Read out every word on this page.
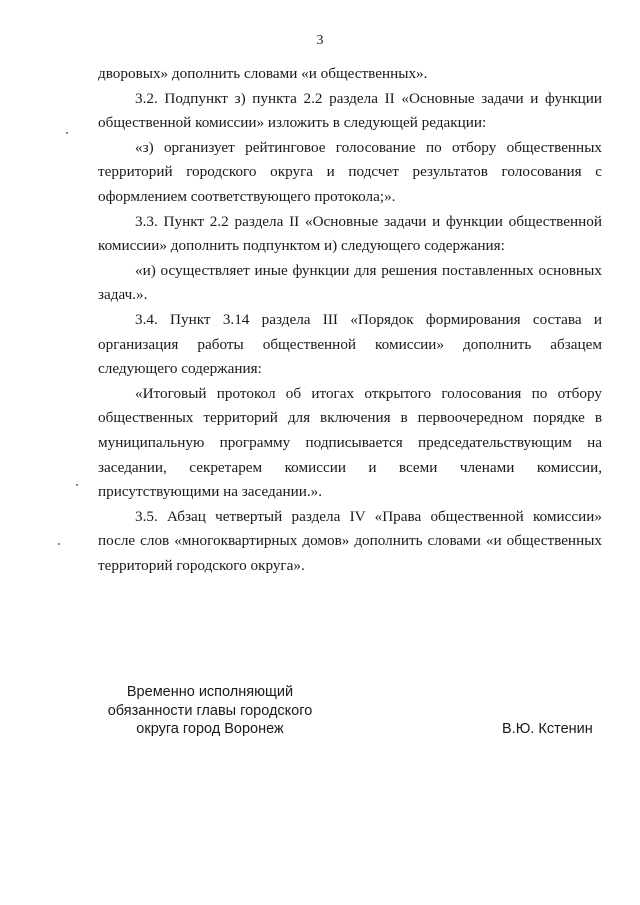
3

дворовых» дополнить словами «и общественных».

3.2. Подпункт з) пункта 2.2 раздела II «Основные задачи и функции общественной комиссии» изложить в следующей редакции:

«з) организует рейтинговое голосование по отбору общественных территорий городского округа и подсчет результатов голосования с оформлением соответствующего протокола;».

3.3. Пункт 2.2 раздела II «Основные задачи и функции общественной комиссии» дополнить подпунктом и) следующего содержания:

«и) осуществляет иные функции для решения поставленных основных задач.».

3.4. Пункт 3.14 раздела III «Порядок формирования состава и организация работы общественной комиссии» дополнить абзацем следующего содержания:

«Итоговый протокол об итогах открытого голосования по отбору общественных территорий для включения в первоочередном порядке в муниципальную программу подписывается председательствующим на заседании, секретарем комиссии и всеми членами комиссии, присутствующими на заседании.».

3.5. Абзац четвертый раздела IV «Права общественной комиссии» после слов «многоквартирных домов» дополнить словами «и общественных территорий городского округа».

Временно исполняющий
обязанности главы городского
округа город Воронеж	В.Ю. Кстенин
